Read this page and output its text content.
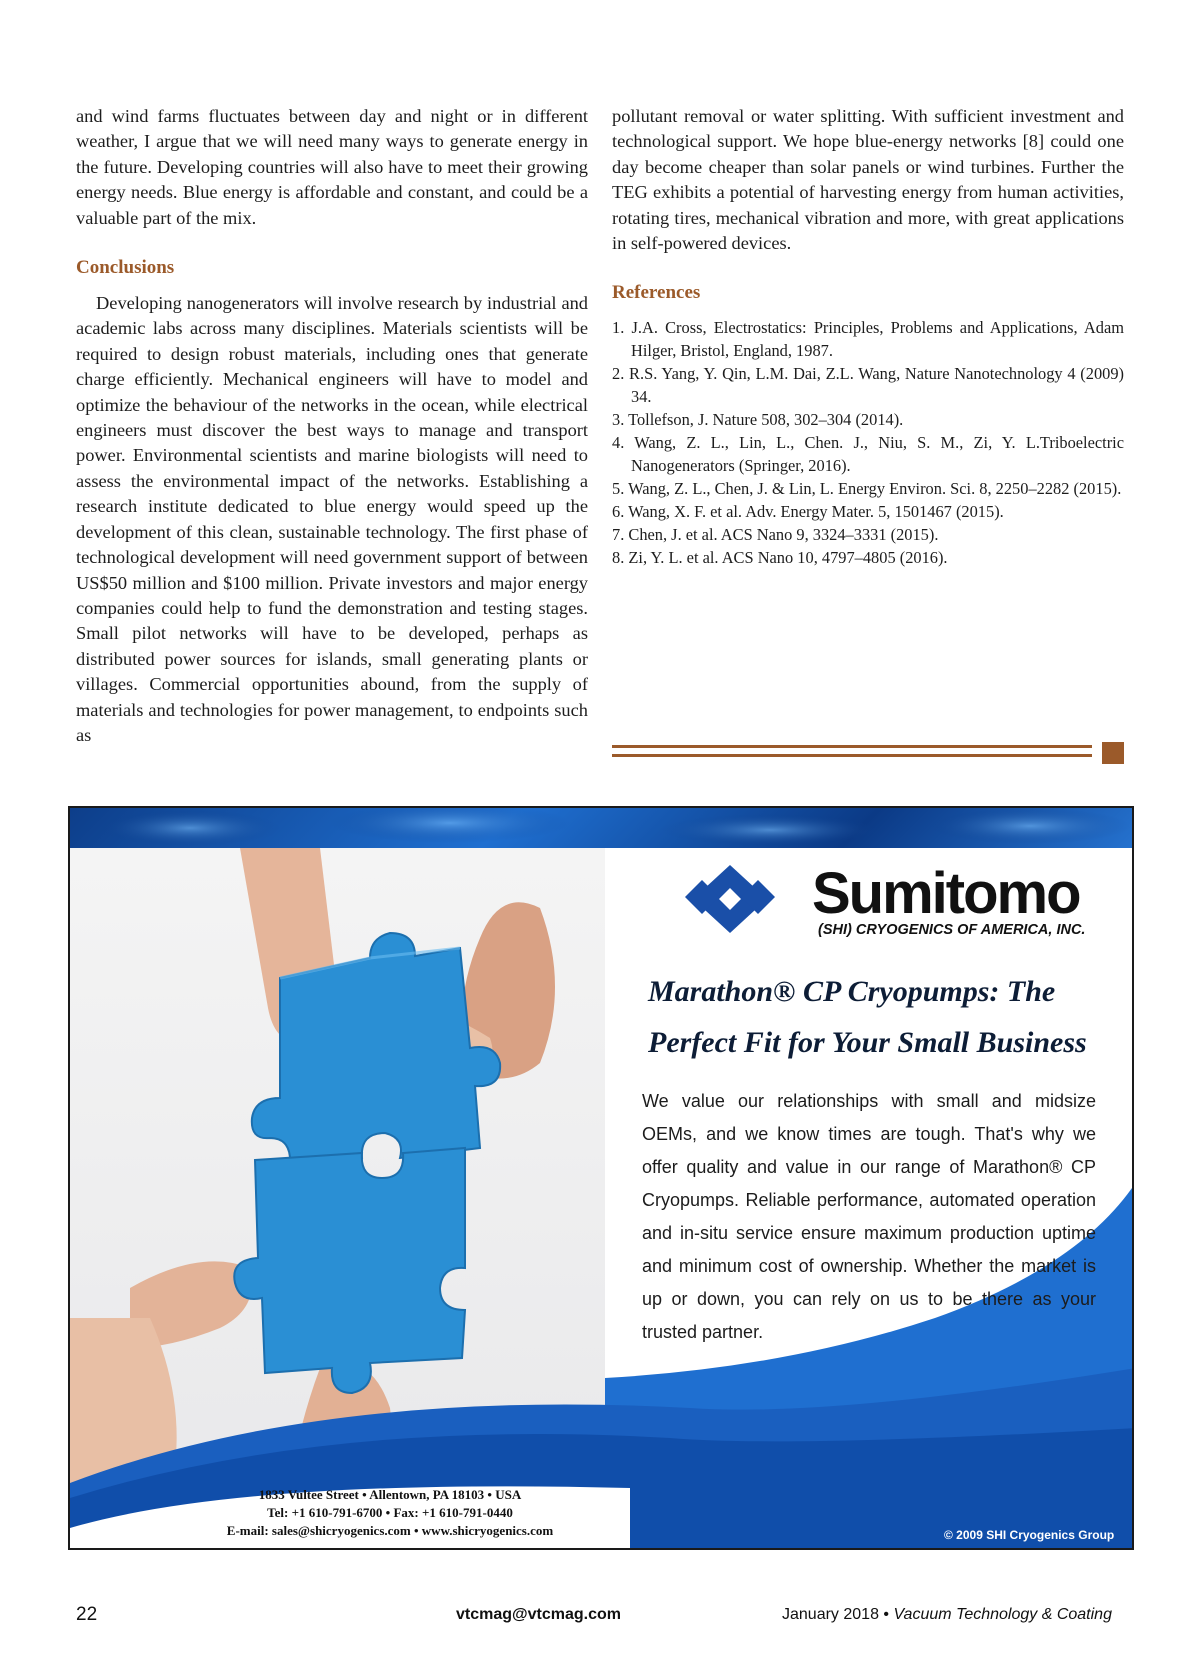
and wind farms fluctuates between day and night or in different weather, I argue that we will need many ways to generate energy in the future. Developing countries will also have to meet their growing energy needs. Blue energy is affordable and constant, and could be a valuable part of the mix.

Conclusions

Developing nanogenerators will involve research by industrial and academic labs across many disciplines. Materials scientists will be required to design robust materials, including ones that generate charge efficiently. Mechanical engineers will have to model and optimize the behaviour of the networks in the ocean, while electrical engineers must discover the best ways to manage and transport power. Environmental scientists and marine biologists will need to assess the environmental impact of the networks. Establishing a research institute dedicated to blue energy would speed up the development of this clean, sustainable technology. The first phase of technological development will need government support of between US$50 million and $100 million. Private investors and major energy companies could help to fund the demonstration and testing stages. Small pilot networks will have to be developed, perhaps as distributed power sources for islands, small generating plants or villages. Commercial opportunities abound, from the supply of materials and technologies for power management, to endpoints such as

pollutant removal or water splitting. With sufficient investment and technological support. We hope blue-energy networks [8] could one day become cheaper than solar panels or wind turbines. Further the TEG exhibits a potential of harvesting energy from human activities, rotating tires, mechanical vibration and more, with great applications in self-powered devices.

References
1. J.A. Cross, Electrostatics: Principles, Problems and Applications, Adam Hilger, Bristol, England, 1987.
2. R.S. Yang, Y. Qin, L.M. Dai, Z.L. Wang, Nature Nanotechnology 4 (2009) 34.
3. Tollefson, J. Nature 508, 302–304 (2014).
4. Wang, Z. L., Lin, L., Chen. J., Niu, S. M., Zi, Y. L.Triboelectric Nanogenerators (Springer, 2016).
5. Wang, Z. L., Chen, J. & Lin, L. Energy Environ. Sci. 8, 2250–2282 (2015).
6. Wang, X. F. et al. Adv. Energy Mater. 5, 1501467 (2015).
7. Chen, J. et al. ACS Nano 9, 3324–3331 (2015).
8. Zi, Y. L. et al. ACS Nano 10, 4797–4805 (2016).
Sumitomo
(SHI) CRYOGENICS OF AMERICA, INC.
Marathon® CP Cryopumps: The
Perfect Fit for Your Small Business
We value our relationships with small and midsize OEMs, and we know times are tough. That's why we offer quality and value in our range of Marathon® CP Cryopumps. Reliable performance, automated operation and in-situ service ensure maximum production uptime and minimum cost of ownership. Whether the market is up or down, you can rely on us to be there as your trusted partner.
1833 Vultee Street • Allentown, PA 18103 • USA
Tel: +1 610-791-6700 • Fax: +1 610-791-0440
E-mail: sales@shicryogenics.com • www.shicryogenics.com	© 2009 SHI Cryogenics Group
22	vtcmag@vtcmag.com	January 2018 • Vacuum Technology & Coating
